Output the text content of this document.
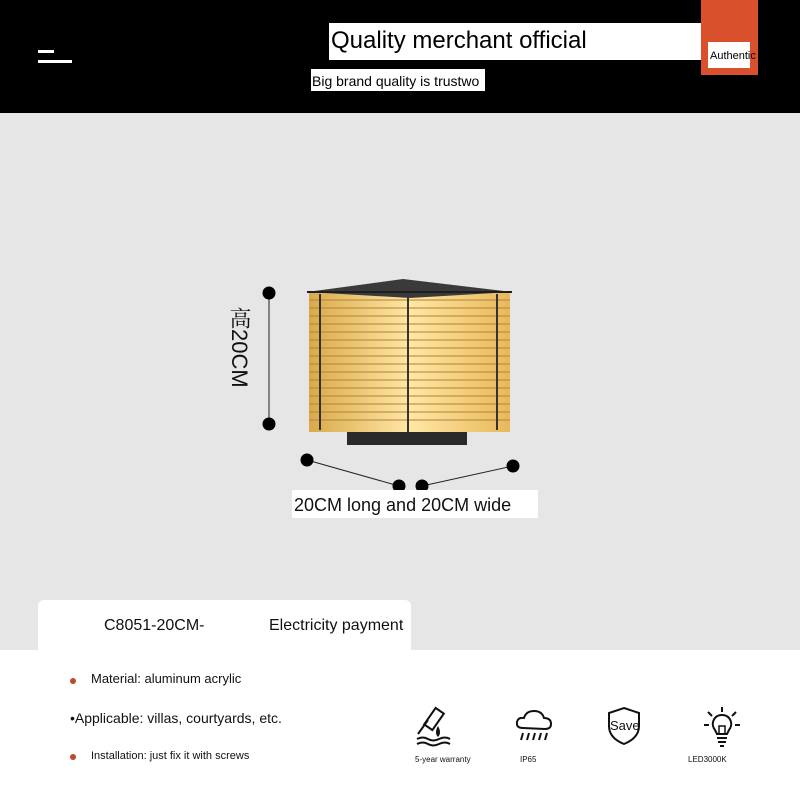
Quality merchant official
Authentic
Big brand quality is trustwo
高20CM
20CM long and 20CM wide
C8051-20CM-	Electricity payment
Material: aluminum acrylic
•Applicable: villas, courtyards, etc.
Installation: just fix it with screws	5-year warranty	IP65
Save
LED3000K
